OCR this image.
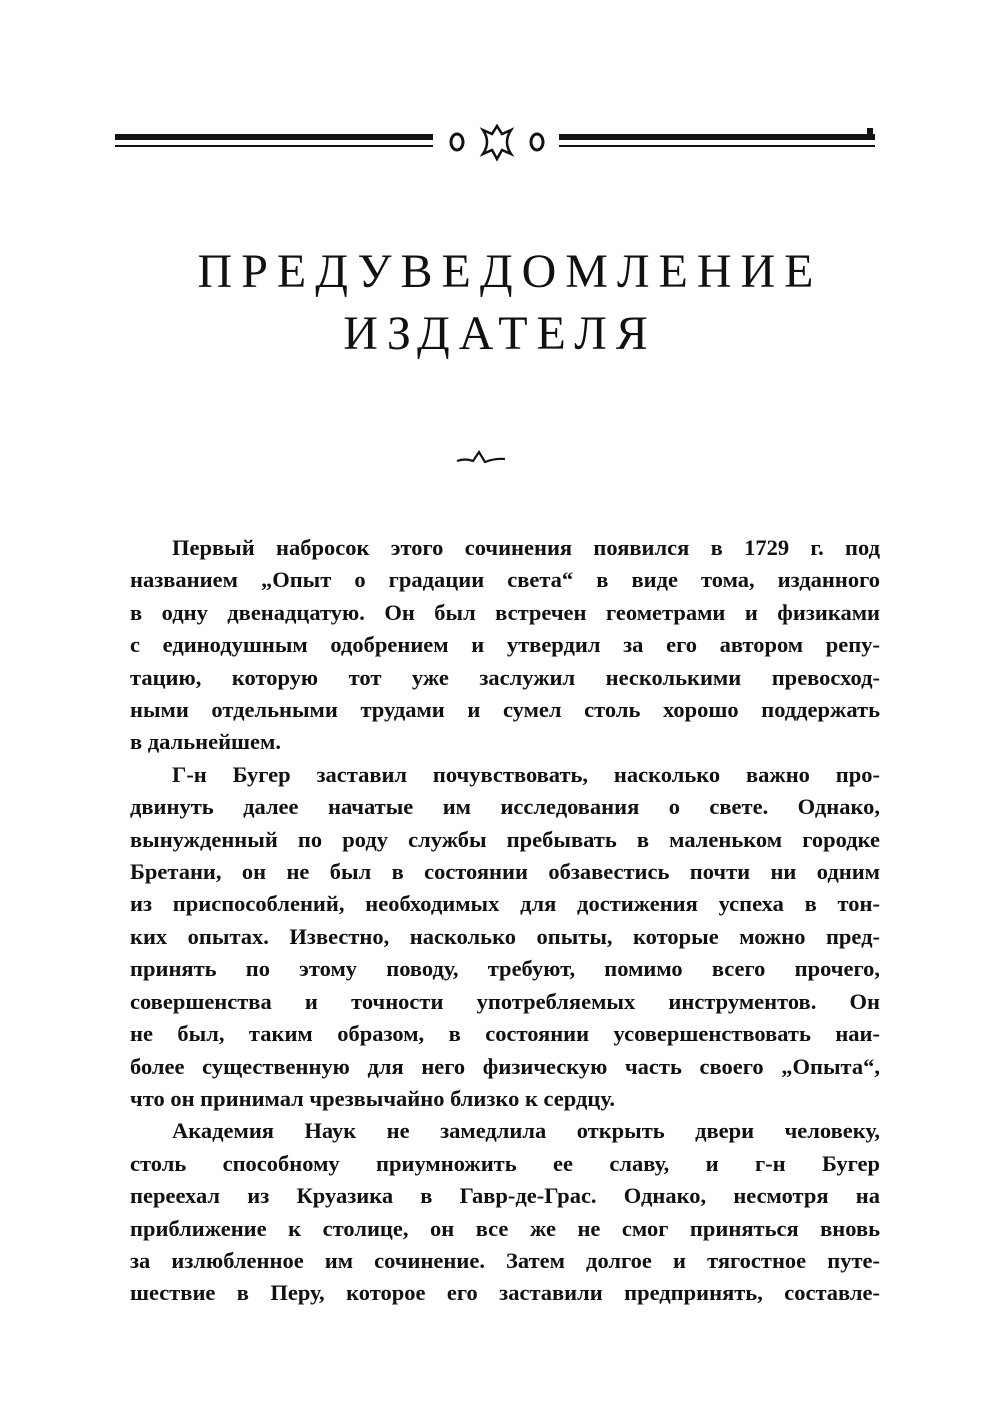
ПРЕДУВЕДОМЛЕНИЕ
ИЗДАТЕЛЯ
Первый набросок этого сочинения появился в 1729 г. под
названием „Опыт о градации света“ в виде тома, изданного
в одну двенадцатую. Он был встречен геометрами и физиками
с единодушным одобрением и утвердил за его автором репу-
тацию, которую тот уже заслужил несколькими превосход-
ными отдельными трудами и сумел столь хорошо поддержать
в дальнейшем.
Г-н Бугер заставил почувствовать, насколько важно про-
двинуть далее начатые им исследования о свете. Однако,
вынужденный по роду службы пребывать в маленьком городке
Бретани, он не был в состоянии обзавестись почти ни одним
из приспособлений, необходимых для достижения успеха в тон-
ких опытах. Известно, насколько опыты, которые можно пред-
принять по этому поводу, требуют, помимо всего прочего,
совершенства и точности употребляемых инструментов. Он
не был, таким образом, в состоянии усовершенствовать наи-
более существенную для него физическую часть своего „Опыта“,
что он принимал чрезвычайно близко к сердцу.
Академия Наук не замедлила открыть двери человеку,
столь способному приумножить ее славу, и г-н Бугер
переехал из Круазика в Гавр-де-Грас. Однако, несмотря на
приближение к столице, он все же не смог приняться вновь
за излюбленное им сочинение. Затем долгое и тягостное путе-
шествие в Перу, которое его заставили предпринять, составле-
